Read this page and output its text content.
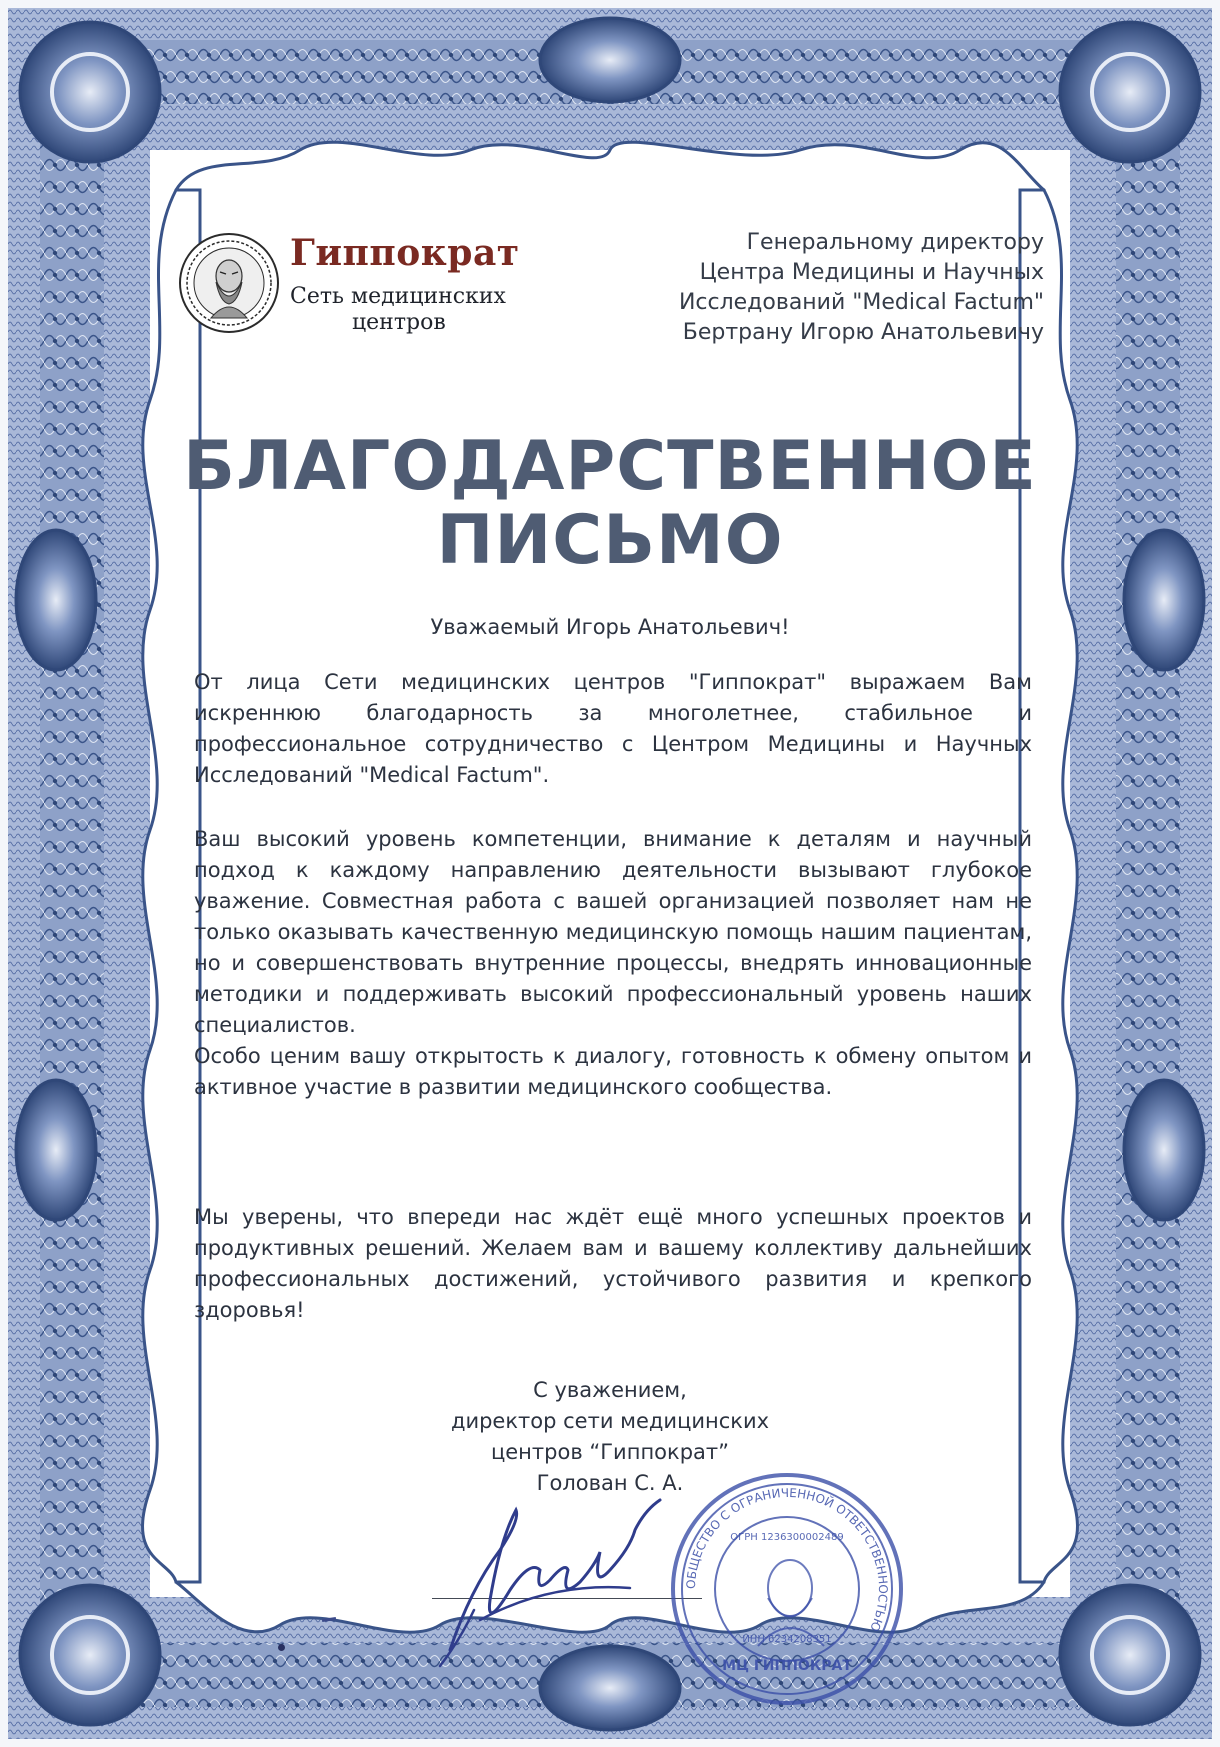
Гиппократ
Сеть медицинских
центров
Генеральному директору
Центра Медицины и Научных
Исследований "Medical Factum"
Бертрану Игорю Анатольевичу
БЛАГОДАРСТВЕННОЕ
ПИСЬМО
Уважаемый Игорь Анатольевич!

От лица Сети медицинских центров "Гиппократ" выражаем Вам искреннюю благодарность за многолетнее, стабильное и профессиональное сотрудничество с Центром Медицины и Научных Исследований "Medical Factum".

Ваш высокий уровень компетенции, внимание к деталям и научный подход к каждому направлению деятельности вызывают глубокое уважение. Совместная работа с вашей организацией позволяет нам не только оказывать качественную медицинскую помощь нашим пациентам, но и совершенствовать внутренние процессы, внедрять инновационные методики и поддерживать высокий профессиональный уровень наших специалистов.

Особо ценим вашу открытость к диалогу, готовность к обмену опытом и активное участие в развитии медицинского сообщества.

Мы уверены, что впереди нас ждёт ещё много успешных проектов и продуктивных решений. Желаем вам и вашему коллективу дальнейших профессиональных достижений, устойчивого развития и крепкого здоровья!

С уважением,
директор сети медицинских
центров “Гиппократ”
Голован С. А.
ОБЩЕСТВО С ОГРАНИЧЕННОЙ ОТВЕТСТВЕННОСТЬЮ
ОГРН 1236300002489
ИНН 6234208351
МЦ ГИППОКРАТ
